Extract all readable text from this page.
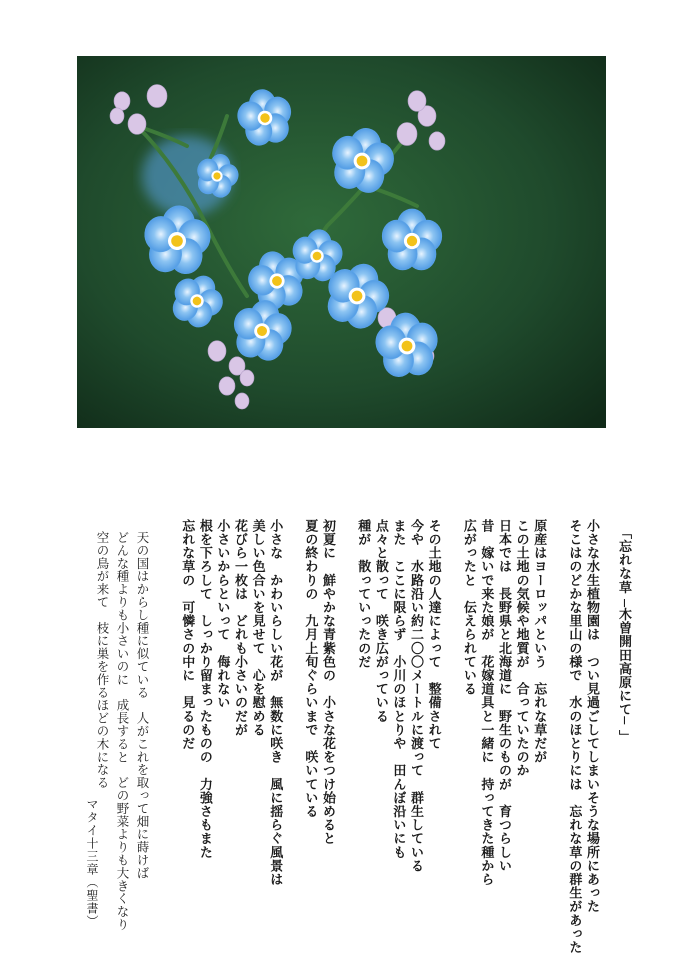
「忘れな草 ─木曽開田高原にて─ 」
小さな水生植物園は　つい見過ごしてしまいそうな場所にあった
そこはのどかな里山の様で　水のほとりには　忘れな草の群生があった
原産はヨーロッパという　忘れな草だが
この土地の気候や地質が　合っていたのか
日本では　長野県と北海道に　野生のものが　育つらしい
昔　嫁いで来た娘が　花嫁道具と一緒に　持ってきた種から
広がったと　伝えられている
その土地の人達によって　整備されて
今や　水路沿い約二〇〇メートルに渡って　群生している
また　ここに限らず　小川のほとりや　田んぼ沿いにも
点々と散って　咲き広がっている
種が　散っていったのだ
初夏に　鮮やかな青紫色の　小さな花をつけ始めると
夏の終わりの　九月上旬ぐらいまで　咲いている
小さな　かわいらしい花が　無数に咲き　風に揺らぐ風景は
美しい色合いを見せて　心を慰める
花びら一枚は　どれも小さいのだが
小さいからといって　侮れない
根を下ろして　しっかり留まったものの　力強さもまた
忘れな草の　可憐さの中に　見るのだ
天の国はからし種に似ている　人がこれを取って畑に蒔けば
どんな種よりも小さいのに　成長すると　どの野菜よりも大きくなり
空の鳥が来て　枝に巣を作るほどの木になる
マタイ十三章（聖書）
